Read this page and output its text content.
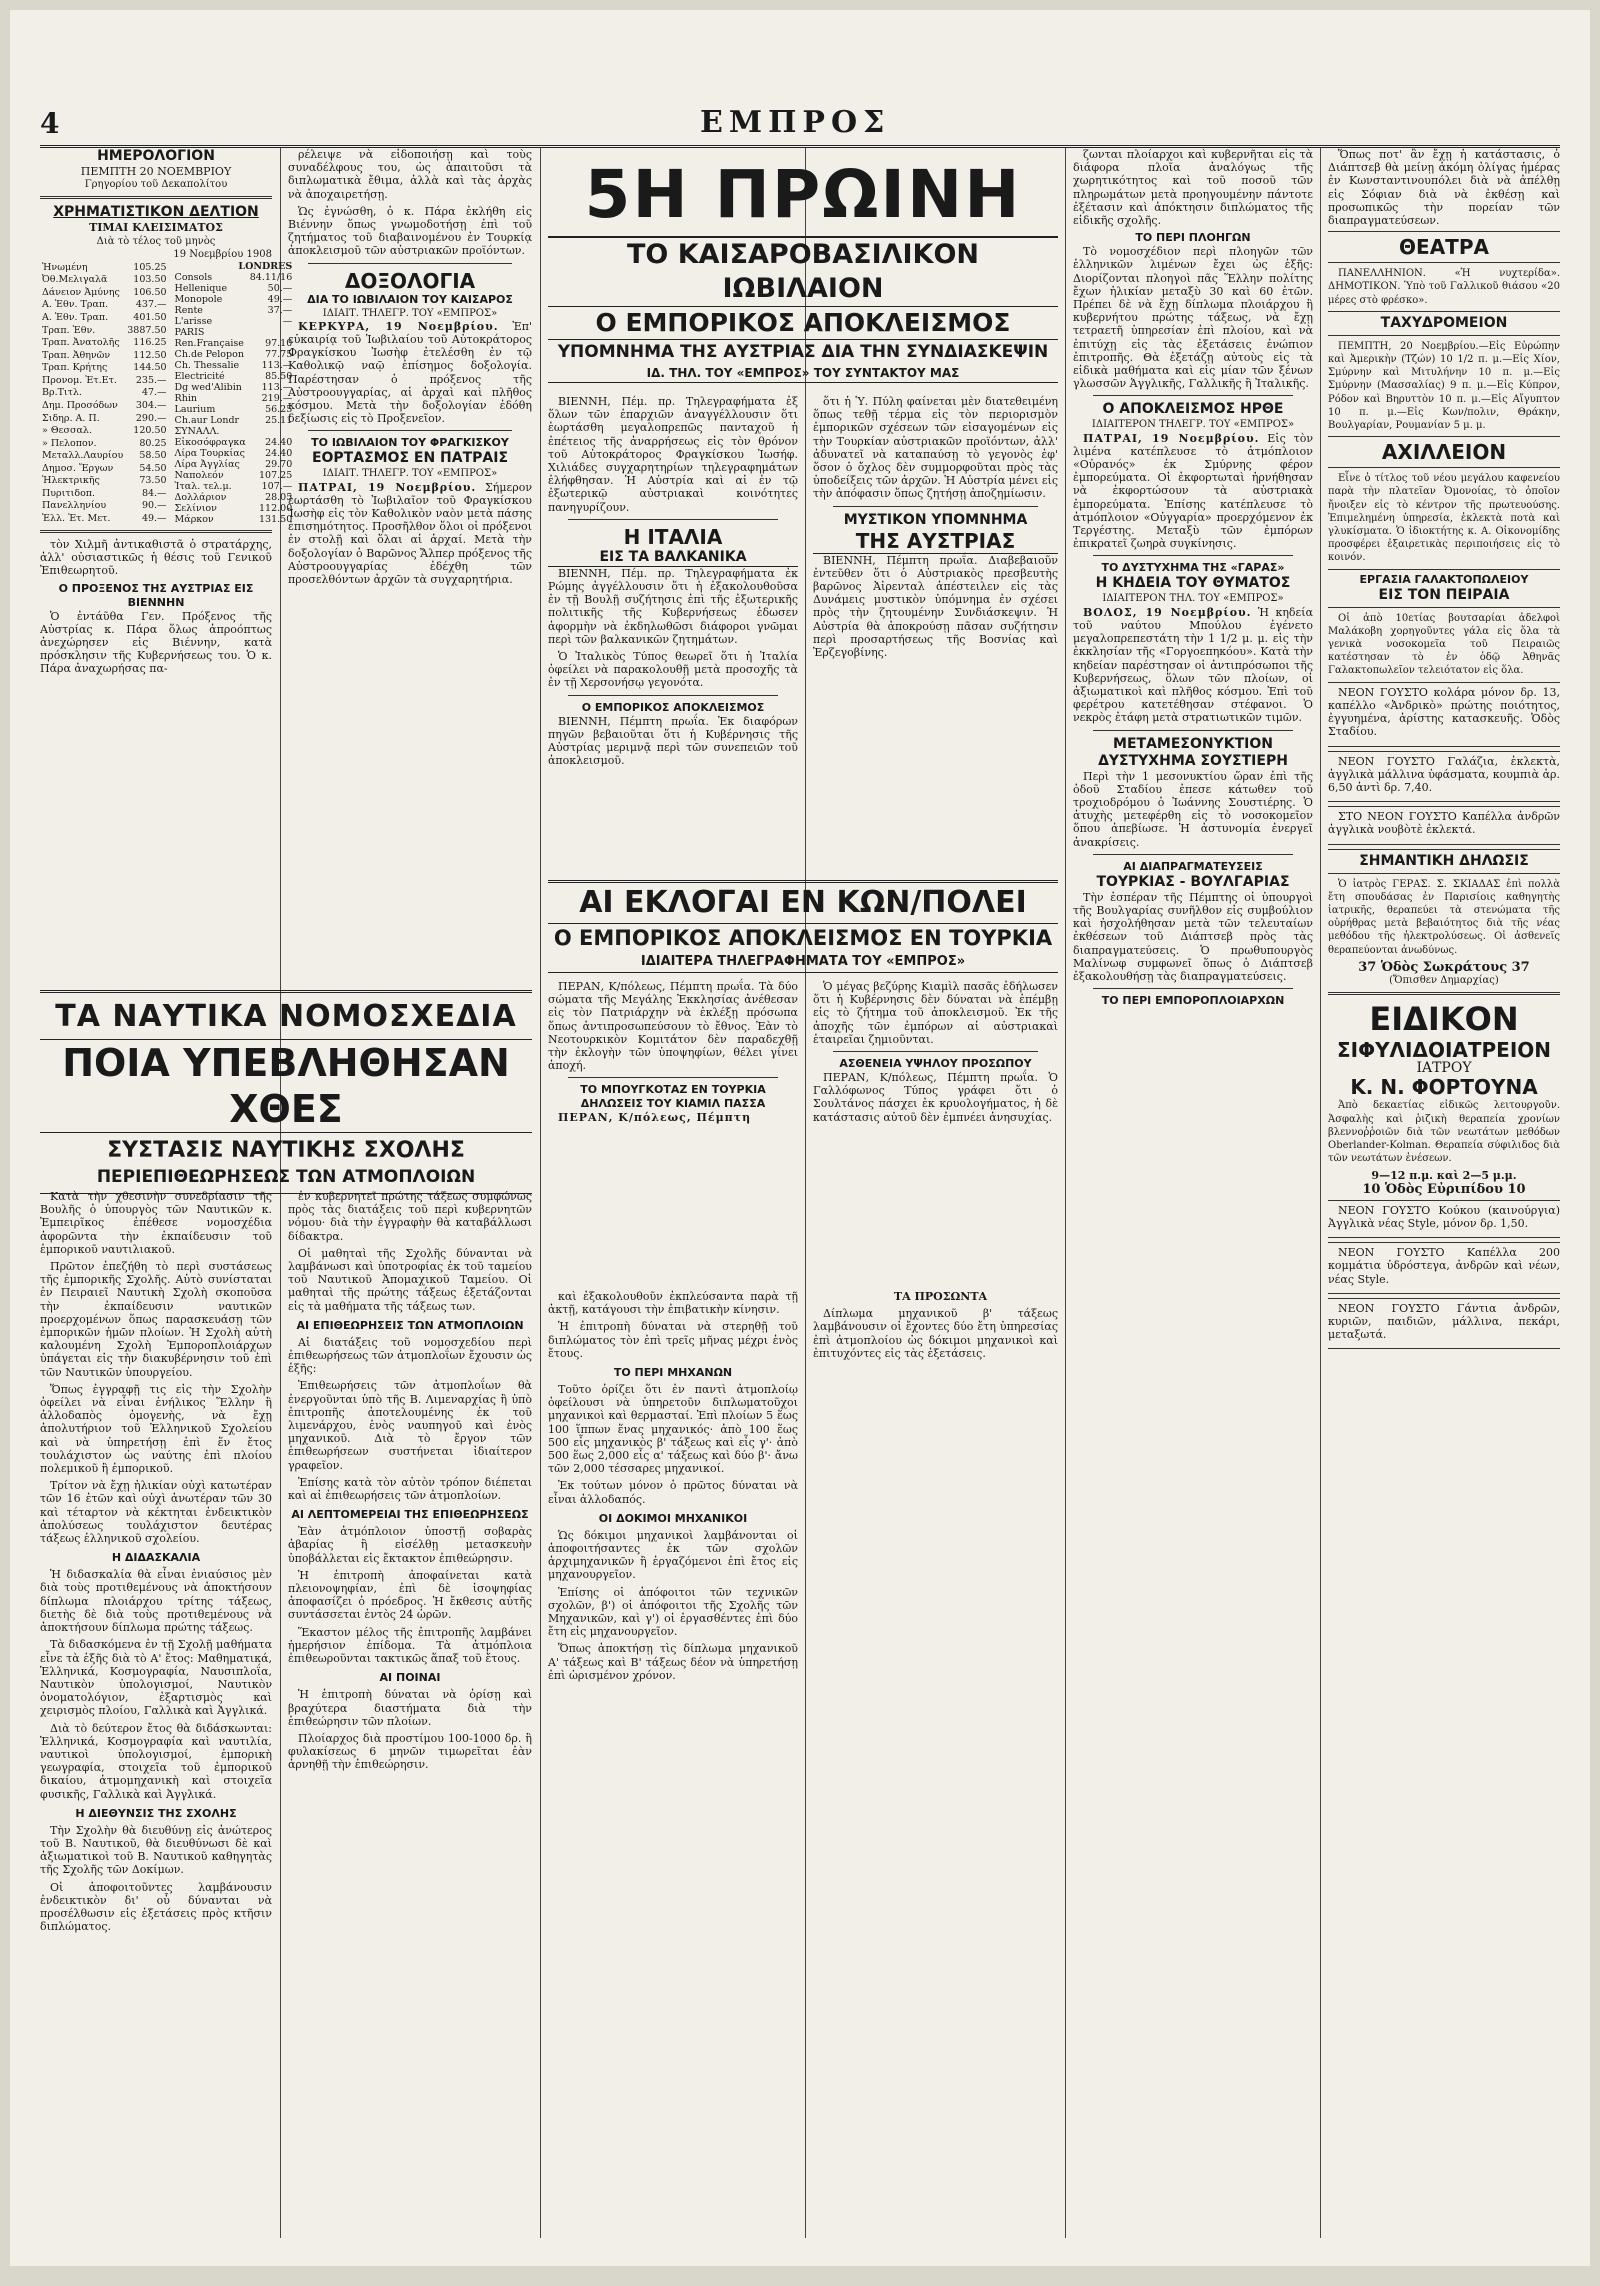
4	ΕΜΠΡΟΣ
ΗΜΕΡΟΛΟΓΙΟΝ
ΠΕΜΠΤΗ 20 ΝΟΕΜΒΡΙΟΥ
Γρηγορίου τοῦ Δεκαπολίτου
ΧΡΗΜΑΤΙΣΤΙΚΟΝ ΔΕΛΤΙΟΝ
ΤΙΜΑΙ ΚΛΕΙΣΙΜΑΤΟΣ
Διὰ τὸ τέλος τοῦ μηνὸς
19 Νοεμβρίου 1908
Ἡνωμένη	105.25
Ὀθ.Μελιγαλᾶ	103.50
Δάνειον Ἀμύνης	106.50
Α. Ἐθν. Τραπ.	437.—
Α. Ἐθν. Τραπ.	401.50
Τραπ. Ἐθν.	3887.50
Τραπ. Ἀνατολῆς	116.25
Τραπ. Ἀθηνῶν	112.50
Τραπ. Κρήτης	144.50
Προνομ. Ἐτ.Ετ.	235.—
Βρ.Τιτλ.	47.—
Δημ. Προσόδων	304.—
Σιδηρ. Α. Π.	290.—
» Θεσσαλ.	120.50
» Πελοπον.	80.25
Μεταλλ.Λαυρίου	58.50
Δημοσ. Ἔργων	54.50
Ἠλεκτρικῆς	73.50
Πυριτιδοπ.	84.—
Πανελληνίου	90.—
Ἑλλ. Ἐτ. Μετ.	49.—
LONDRES	
Consols	84.11/16
Hellenique	50.—
Monopole	49.—
Rente	37.—
L'arisse	—
PARIS	
Ren.Française	97.10
Ch.de Pelopon	77.75
Ch. Thessalie	113.—
Electricité	85.50
Dg wed'Alibin	113.—
Rhin	219.—
Laurium	56.25
Ch.aur Londr	25.11
ΣΥΝΑΛΛ.	
Εἰκοσόφραγκα	24.40
Λίρα Τουρκίας	24.40
Λίρα Ἀγγλίας	29.70
Ναπολεόν	107.25
Ἰταλ. τελ.μ.	107.—
Δολλάριον	28.05
Σελίνιον	112.00
Μάρκον	131.50

τὸν Χιλμῆ ἀντικαθιστᾶ ὁ στρατάρχης, ἀλλ' οὐσιαστικῶς ἡ θέσις τοῦ Γενικοῦ Ἐπιθεωρητοῦ.

Ο ΠΡΟΞΕΝΟΣ ΤΗΣ ΑΥΣΤΡΙΑΣ ΕΙΣ ΒΙΕΝΝΗΝ

Ὁ ἐντάῦθα Γεν. Πρόξενος τῆς Αὐστρίας κ. Πάρα ὅλως ἀπροόπτως ἀνεχώρησεν εἰς Βιέννην, κατὰ πρόσκλησιν τῆς Κυβερνήσεως του. Ὁ κ. Πάρα ἀναχωρήσας πα-

ρέλειψε νὰ εἰδοποιήσῃ καὶ τοὺς συναδέλφους του, ὡς ἀπαιτοῦσι τὰ διπλωματικὰ ἔθιμα, ἀλλὰ καὶ τὰς ἀρχὰς νὰ ἀποχαιρετήσῃ.

Ὡς ἐγνώσθη, ὁ κ. Πάρα ἐκλήθη εἰς Βιέννην ὅπως γνωμοδοτήσῃ ἐπὶ τοῦ ζητήματος τοῦ διαβαινομένου ἐν Τουρκίᾳ ἀποκλεισμοῦ τῶν αὐστριακῶν προϊόντων.

ΔΟΞΟΛΟΓΙΑ
ΔΙΑ ΤΟ ΙΩΒΙΛΑΙΟΝ ΤΟΥ ΚΑΙΣΑΡΟΣ
ΙΔΙΑΙΤ. ΤΗΛΕΓΡ. ΤΟΥ «ΕΜΠΡΟΣ»

ΚΕΡΚΥΡΑ, 19 Νοεμβρίου. Ἐπ' εὐκαιρίᾳ τοῦ Ἰωβιλαίου τοῦ Αὐτοκράτορος Φραγκίσκου Ἰωσὴφ ἐτελέσθη ἐν τῷ Καθολικῷ ναῷ ἐπίσημος δοξολογία. Παρέστησαν ὁ πρόξενος τῆς Αὐστροουγγαρίας, αἱ ἀρχαὶ καὶ πλῆθος κόσμου. Μετὰ τὴν δοξολογίαν ἐδόθη δεξίωσις εἰς τὸ Προξενεῖον.

ΤΟ ΙΩΒΙΛΑΙΟΝ ΤΟΥ ΦΡΑΓΚΙΣΚΟΥ
ΕΟΡΤΑΣΜΟΣ ΕΝ ΠΑΤΡΑΙΣ
ΙΔΙΑΙΤ. ΤΗΛΕΓΡ. ΤΟΥ «ΕΜΠΡΟΣ»

ΠΑΤΡΑΙ, 19 Νοεμβρίου. Σήμερον ἑωρτάσθη τὸ Ἰωβιλαῖον τοῦ Φραγκίσκου Ἰωσὴφ εἰς τὸν Καθολικὸν ναὸν μετὰ πάσης ἐπισημότητος. Προσῆλθον ὅλοι οἱ πρόξενοι ἐν στολῇ καὶ ὅλαι αἱ ἀρχαί. Μετὰ τὴν δοξολογίαν ὁ Βαρῶνος Ἄλπερ πρόξενος τῆς Αὐστροουγγαρίας ἐδέχθη τῶν προσελθόντων ἀρχῶν τὰ συγχαρητήρια.

ΤΑ ΝΑΥΤΙΚΑ ΝΟΜΟΣΧΕΔΙΑ
ΠΟΙΑ ΥΠΕΒΛΗΘΗΣΑΝ ΧΘΕΣ
ΣΥΣΤΑΣΙΣ ΝΑΥΤΙΚΗΣ ΣΧΟΛΗΣ
ΠΕΡΙΕΠΙΘΕΩΡΗΣΕΩΣ ΤΩΝ ΑΤΜΟΠΛΟΙΩΝ

Κατὰ τὴν χθεσινὴν συνεδρίασιν τῆς Βουλῆς ὁ ὑπουργὸς τῶν Ναυτικῶν κ. Ἐμπειρῖκος ἐπέθεσε νομοσχέδια ἀφορῶντα τὴν ἐκπαίδευσιν τοῦ ἐμπορικοῦ ναυτιλιακοῦ.

Πρῶτον ἐπεζήθη τὸ περὶ συστάσεως τῆς ἐμπορικῆς Σχολῆς. Αὐτὸ συνίσταται ἐν Πειραιεῖ Ναυτικὴ Σχολὴ σκοποῦσα τὴν ἐκπαίδευσιν ναυτικῶν προερχομένων ὅπως παρασκευάσῃ τῶν ἐμπορικῶν ἡμῶν πλοίων. Ἡ Σχολὴ αὐτὴ καλουμένη Σχολὴ Ἐμποροπλοιάρχων ὑπάγεται εἰς τὴν διακυβέρνησιν τοῦ ἐπὶ τῶν Ναυτικῶν ὑπουργείου.

Ὅπως ἐγγραφῇ τις εἰς τὴν Σχολὴν ὀφείλει νὰ εἶναι ἐνήλικος Ἕλλην ἢ ἀλλοδαπὸς ὁμογενὴς, νὰ ἔχῃ ἀπολυτήριον τοῦ Ἑλληνικοῦ Σχολείου καὶ νὰ ὑπηρετήσῃ ἐπὶ ἕν ἔτος τουλάχιστον ὡς ναύτης ἐπὶ πλοίου πολεμικοῦ ἢ ἐμπορικοῦ.

Τρίτον νὰ ἔχῃ ἡλικίαν οὐχὶ κατωτέραν τῶν 16 ἐτῶν καὶ οὐχὶ ἀνωτέραν τῶν 30 καὶ τέταρτον νὰ κέκτηται ἐνδεικτικὸν ἀπολύσεως τουλάχιστον δευτέρας τάξεως ἑλληνικοῦ σχολείου.

Η ΔΙΔΑΣΚΑΛΙΑ

Ἡ διδασκαλία θὰ εἶναι ἐνιαύσιος μὲν διὰ τοὺς προτιθεμένους νὰ ἀποκτήσουν δίπλωμα πλοιάρχου τρίτης τάξεως, διετὴς δὲ διὰ τοὺς προτιθεμένους νὰ ἀποκτήσουν δίπλωμα πρώτης τάξεως.

Τὰ διδασκόμενα ἐν τῇ Σχολῇ μαθήματα εἶνε τὰ ἑξῆς διὰ τὸ Α' ἔτος: Μαθηματικά, Ἑλληνικά, Κοσμογραφία, Ναυσιπλοΐα, Ναυτικὸν ὑπολογισμοί, Ναυτικὸν ὀνοματολόγιον, ἐξαρτισμὸς καὶ χειρισμὸς πλοίου, Γαλλικὰ καὶ Ἀγγλικά.

Διὰ τὸ δεύτερον ἔτος θὰ διδάσκωνται: Ἑλληνικά, Κοσμογραφία καὶ ναυτιλία, ναυτικοὶ ὑπολογισμοί, ἐμπορικὴ γεωγραφία, στοιχεῖα τοῦ ἐμπορικοῦ δικαίου, ἀτμομηχανικὴ καὶ στοιχεῖα φυσικῆς, Γαλλικὰ καὶ Ἀγγλικά.

Η ΔΙΕΘΥΝΣΙΣ ΤΗΣ ΣΧΟΛΗΣ

Τὴν Σχολὴν θὰ διευθύνῃ εἰς ἀνώτερος τοῦ Β. Ναυτικοῦ, θὰ διευθύνωσι δὲ καὶ ἀξιωματικοὶ τοῦ Β. Ναυτικοῦ καθηγητὰς τῆς Σχολῆς τῶν Δοκίμων.

Οἱ ἀποφοιτοῦντες λαμβάνουσιν ἐνδεικτικὸν δι' οὗ δύνανται νὰ προσέλθωσιν εἰς ἐξετάσεις πρὸς κτῆσιν διπλώματος.

ἐν κυβερνητεῖ πρώτης τάξεως συμφώνως πρὸς τὰς διατάξεις τοῦ περὶ κυβερνητῶν νόμου· διὰ τὴν ἐγγραφὴν θὰ καταβάλλωσι δίδακτρα.

Οἱ μαθηταὶ τῆς Σχολῆς δύνανται νὰ λαμβάνωσι καὶ ὑποτροφίας ἐκ τοῦ ταμείου τοῦ Ναυτικοῦ Ἀπομαχικοῦ Ταμείου. Οἱ μαθηταὶ τῆς πρώτης τάξεως ἐξετάζονται εἰς τὰ μαθήματα τῆς τάξεως των.

ΑΙ ΕΠΙΘΕΩΡΗΣΕΙΣ ΤΩΝ ΑΤΜΟΠΛΟΙΩΝ

Αἱ διατάξεις τοῦ νομοσχεδίου περὶ ἐπιθεωρήσεως τῶν ἀτμοπλοΐων ἔχουσιν ὡς ἑξῆς:

Ἐπιθεωρήσεις τῶν ἀτμοπλοΐων θὰ ἐνεργοῦνται ὑπὸ τῆς Β. Λιμεναρχίας ἢ ὑπὸ ἐπιτροπῆς ἀποτελουμένης ἐκ τοῦ λιμενάρχου, ἑνὸς ναυπηγοῦ καὶ ἑνὸς μηχανικοῦ. Διὰ τὸ ἔργον τῶν ἐπιθεωρήσεων συστήνεται ἰδιαίτερον γραφεῖον.

Ἐπίσης κατὰ τὸν αὐτὸν τρόπον διέπεται καὶ αἱ ἐπιθεωρήσεις τῶν ἀτμοπλοίων.

ΑΙ ΛΕΠΤΟΜΕΡΕΙΑΙ ΤΗΣ ΕΠΙΘΕΩΡΗΣΕΩΣ

Ἐὰν ἀτμόπλοιον ὑποστῇ σοβαρὰς ἀβαρίας ἢ εἰσέλθῃ μετασκευὴν ὑποβάλλεται εἰς ἔκτακτον ἐπιθεώρησιν.

Ἡ ἐπιτροπὴ ἀποφαίνεται κατὰ πλειονοψηφίαν, ἐπὶ δὲ ἰσοψηφίας ἀποφασίζει ὁ πρόεδρος. Ἡ ἔκθεσις αὐτῆς συντάσσεται ἐντὸς 24 ὡρῶν.

Ἕκαστον μέλος τῆς ἐπιτροπῆς λαμβάνει ἡμερήσιον ἐπίδομα. Τὰ ἀτμόπλοια ἐπιθεωροῦνται τακτικῶς ἅπαξ τοῦ ἔτους.

ΑΙ ΠΟΙΝΑΙ

Ἡ ἐπιτροπὴ δύναται νὰ ὁρίσῃ καὶ βραχύτερα διαστήματα διὰ τὴν ἐπιθεώρησιν τῶν πλοίων.

Πλοίαρχος διὰ προστίμου 100-1000 δρ. ἢ φυλακίσεως 6 μηνῶν τιμωρεῖται ἐὰν ἀρνηθῇ τὴν ἐπιθεώρησιν.

5Η ΠΡΩΙΝΗ
ΤΟ ΚΑΙΣΑΡΟΒΑΣΙΛΙΚΟΝ ΙΩΒΙΛΑΙΟΝ
Ο ΕΜΠΟΡΙΚΟΣ ΑΠΟΚΛΕΙΣΜΟΣ
ΥΠΟΜΝΗΜΑ ΤΗΣ ΑΥΣΤΡΙΑΣ ΔΙΑ ΤΗΝ ΣΥΝΔΙΑΣΚΕΨΙΝ
ΙΔ. ΤΗΛ. ΤΟΥ «ΕΜΠΡΟΣ» ΤΟΥ ΣΥΝΤΑΚΤΟΥ ΜΑΣ

ΒΙΕΝΝΗ, Πέμ. πρ. Τηλεγραφήματα ἐξ ὅλων τῶν ἐπαρχιῶν ἀναγγέλλουσιν ὅτι ἑωρτάσθη μεγαλοπρεπῶς πανταχοῦ ἡ ἐπέτειος τῆς ἀναρρήσεως εἰς τὸν θρόνον τοῦ Αὐτοκράτορος Φραγκίσκου Ἰωσήφ. Χιλιάδες συγχαρητηρίων τηλεγραφημάτων ἐλήφθησαν. Ἡ Αὐστρία καὶ αἱ ἐν τῷ ἐξωτερικῷ αὐστριακαὶ κοινότητες πανηγυρίζουν.

Η ΙΤΑΛΙΑ
ΕΙΣ ΤΑ ΒΑΛΚΑΝΙΚΑ

ΒΙΕΝΝΗ, Πέμ. πρ. Τηλεγραφήματα ἐκ Ρώμης ἀγγέλλουσιν ὅτι ἡ ἐξακολουθοῦσα ἐν τῇ Βουλῇ συζήτησις ἐπὶ τῆς ἐξωτερικῆς πολιτικῆς τῆς Κυβερνήσεως ἐδωσεν ἀφορμὴν νὰ ἐκδηλωθῶσι διάφοροι γνῶμαι περὶ τῶν βαλκανικῶν ζητημάτων.

Ὁ Ἰταλικὸς Τύπος θεωρεῖ ὅτι ἡ Ἰταλία ὀφείλει νὰ παρακολουθῇ μετὰ προσοχῆς τὰ ἐν τῇ Χερσονήσῳ γεγονότα.

Ο ΕΜΠΟΡΙΚΟΣ ΑΠΟΚΛΕΙΣΜΟΣ

ΒΙΕΝΝΗ, Πέμπτη πρωΐα. Ἐκ διαφόρων πηγῶν βεβαιοῦται ὅτι ἡ Κυβέρνησις τῆς Αὐστρίας μεριμνᾷ περὶ τῶν συνεπειῶν τοῦ ἀποκλεισμοῦ.

ὅτι ἡ Ὑ. Πύλη φαίνεται μὲν διατεθειμένη ὅπως τεθῇ τέρμα εἰς τὸν περιορισμὸν ἐμπορικῶν σχέσεων τῶν εἰσαγομένων εἰς τὴν Τουρκίαν αὐστριακῶν προϊόντων, ἀλλ' ἀδυνατεῖ νὰ καταπαύσῃ τὸ γεγονὸς ἐφ' ὅσον ὁ ὄχλος δὲν συμμορφοῦται πρὸς τὰς ὑποδείξεις τῶν ἀρχῶν. Ἡ Αὐστρία μένει εἰς τὴν ἀπόφασιν ὅπως ζητήσῃ ἀποζημίωσιν.

ΜΥΣΤΙΚΟΝ ΥΠΟΜΝΗΜΑ
ΤΗΣ ΑΥΣΤΡΙΑΣ

ΒΙΕΝΝΗ, Πέμπτη πρωΐα. Διαβεβαιοῦν ἐντεῦθεν ὅτι ὁ Αὐστριακὸς πρεσβευτὴς βαρῶνος Ἀἰρενταλ ἀπέστειλεν εἰς τὰς Δυνάμεις μυστικὸν ὑπόμνημα ἐν σχέσει πρὸς τὴν ζητουμένην Συνδιάσκεψιν. Ἡ Αὐστρία θὰ ἀποκρούσῃ πᾶσαν συζήτησιν περὶ προσαρτήσεως τῆς Βοσνίας καὶ Ἐρζεγοβίνης.

ΑΙ ΕΚΛΟΓΑΙ ΕΝ ΚΩΝ/ΠΟΛΕΙ
Ο ΕΜΠΟΡΙΚΟΣ ΑΠΟΚΛΕΙΣΜΟΣ ΕΝ ΤΟΥΡΚΙΑ
ΙΔΙΑΙΤΕΡΑ ΤΗΛΕΓΡΑΦΗΜΑΤΑ ΤΟΥ «ΕΜΠΡΟΣ»

ΠΕΡΑΝ, Κ/πόλεως, Πέμπτη πρωΐα. Τὰ δύο σώματα τῆς Μεγάλης Ἐκκλησίας ἀνέθεσαν εἰς τὸν Πατριάρχην νὰ ἐκλέξῃ πρόσωπα ὅπως ἀντιπροσωπεύσουν τὸ ἔθνος. Ἐὰν τὸ Νεοτουρκικὸν Κομιτάτον δὲν παραδεχθῇ τὴν ἐκλογὴν τῶν ὑποψηφίων, θέλει γίνει ἀποχή.

ΤΟ ΜΠΟΥΓΚΟΤΑΖ ΕΝ ΤΟΥΡΚΙΑ
ΔΗΛΩΣΕΙΣ ΤΟΥ ΚΙΑΜΙΛ ΠΑΣΣΑ

ΠΕΡΑΝ, Κ/πόλεως, Πέμπτη

Ὁ μέγας βεζύρης Κιαμὶλ πασᾶς ἐδήλωσεν ὅτι ἡ Κυβέρνησις δὲν δύναται νὰ ἐπέμβῃ εἰς τὸ ζήτημα τοῦ ἀποκλεισμοῦ. Ἐκ τῆς ἀποχῆς τῶν ἐμπόρων αἱ αὐστριακαὶ ἑταιρεῖαι ζημιοῦνται.

ΑΣΘΕΝΕΙΑ ΥΨΗΛΟΥ ΠΡΟΣΩΠΟΥ

ΠΕΡΑΝ, Κ/πόλεως, Πέμπτη πρωΐα. Ὁ Γαλλόφωνος Τύπος γράφει ὅτι ὁ Σουλτάνος πάσχει ἐκ κρυολογήματος, ἡ δὲ κατάστασις αὐτοῦ δὲν ἐμπνέει ἀνησυχίας.

καὶ ἐξακολουθοῦν ἐκπλεύσαντα παρὰ τῇ ἀκτῇ, κατάγουσι τὴν ἐπιβατικὴν κίνησιν.

Ἡ ἐπιτροπὴ δύναται νὰ στερηθῇ τοῦ διπλώματος τὸν ἐπὶ τρεῖς μῆνας μέχρι ἑνὸς ἔτους.

ΤΟ ΠΕΡΙ ΜΗΧΑΝΩΝ

Τοῦτο ὁρίζει ὅτι ἐν παντὶ ἀτμοπλοίῳ ὀφείλουσι νὰ ὑπηρετοῦν διπλωματοῦχοι μηχανικοὶ καὶ θερμασταί. Ἐπὶ πλοίων 5 ἕως 100 ἵππων ἕνας μηχανικός· ἀπὸ 100 ἕως 500 εἷς μηχανικὸς β' τάξεως καὶ εἷς γ'· ἀπὸ 500 ἕως 2,000 εἷς α' τάξεως καὶ δύο β'· ἄνω τῶν 2,000 τέσσαρες μηχανικοί.

Ἐκ τούτων μόνον ὁ πρῶτος δύναται νὰ εἶναι ἀλλοδαπός.

ΟΙ ΔΟΚΙΜΟΙ ΜΗΧΑΝΙΚΟΙ

Ὡς δόκιμοι μηχανικοὶ λαμβάνονται οἱ ἀποφοιτήσαντες ἐκ τῶν σχολῶν ἀρχιμηχανικῶν ἢ ἐργαζόμενοι ἐπὶ ἔτος εἰς μηχανουργεῖον.

Ἐπίσης οἱ ἀπόφοιτοι τῶν τεχνικῶν σχολῶν, β') οἱ ἀπόφοιτοι τῆς Σχολῆς τῶν Μηχανικῶν, καὶ γ') οἱ ἐργασθέντες ἐπὶ δύο ἔτη εἰς μηχανουργεῖον.

Ὅπως ἀποκτήσῃ τὶς δίπλωμα μηχανικοῦ Α' τάξεως καὶ Β' τάξεως δέον νὰ ὑπηρετήσῃ ἐπὶ ὡρισμένον χρόνον.

ΤΑ ΠΡΟΣΩΝΤΑ

Δίπλωμα μηχανικοῦ β' τάξεως λαμβάνουσιν οἱ ἔχοντες δύο ἔτη ὑπηρεσίας ἐπὶ ἀτμοπλοίου ὡς δόκιμοι μηχανικοὶ καὶ ἐπιτυχόντες εἰς τὰς ἐξετάσεις.

ζωνται πλοίαρχοι καὶ κυβερνῆται εἰς τὰ διάφορα πλοῖα ἀναλόγως τῆς χωρητικότητος καὶ τοῦ ποσοῦ τῶν πληρωμάτων μετὰ προηγουμένην πάντοτε ἐξέτασιν καὶ ἀπόκτησιν διπλώματος τῆς εἰδικῆς σχολῆς.

ΤΟ ΠΕΡΙ ΠΛΟΗΓΩΝ

Τὸ νομοσχέδιον περὶ πλοηγῶν τῶν ἑλληνικῶν λιμένων ἔχει ὡς ἑξῆς: Διορίζονται πλοηγοὶ πᾶς Ἕλλην πολίτης ἔχων ἡλικίαν μεταξὺ 30 καὶ 60 ἐτῶν. Πρέπει δὲ νὰ ἔχῃ δίπλωμα πλοιάρχου ἢ κυβερνήτου πρώτης τάξεως, νὰ ἔχῃ τετραετῆ ὑπηρεσίαν ἐπὶ πλοίου, καὶ νὰ ἐπιτύχῃ εἰς τὰς ἐξετάσεις ἐνώπιον ἐπιτροπῆς. Θὰ ἐξετάζῃ αὐτοὺς εἰς τὰ εἰδικὰ μαθήματα καὶ εἰς μίαν τῶν ξένων γλωσσῶν Ἀγγλικῆς, Γαλλικῆς ἢ Ἰταλικῆς.

Ο ΑΠΟΚΛΕΙΣΜΟΣ ΗΡΘΕ
ΙΔΙΑΙΤΕΡΟΝ ΤΗΛΕΓΡ. ΤΟΥ «ΕΜΠΡΟΣ»

ΠΑΤΡΑΙ, 19 Νοεμβρίου. Εἰς τὸν λιμένα κατέπλευσε τὸ ἀτμόπλοιον «Οὐρανός» ἐκ Σμύρνης φέρον ἐμπορεύματα. Οἱ ἐκφορτωταὶ ἠρνήθησαν νὰ ἐκφορτώσουν τὰ αὐστριακὰ ἐμπορεύματα. Ἐπίσης κατέπλευσε τὸ ἀτμόπλοιον «Οὐγγαρία» προερχόμενον ἐκ Τεργέστης. Μεταξὺ τῶν ἐμπόρων ἐπικρατεῖ ζωηρὰ συγκίνησις.

ΤΟ ΔΥΣΤΥΧΗΜΑ ΤΗΣ «ΓΑΡΑΣ»
Η ΚΗΔΕΙΑ ΤΟΥ ΘΥΜΑΤΟΣ
ΙΔΙΑΙΤΕΡΟΝ ΤΗΛ. ΤΟΥ «ΕΜΠΡΟΣ»

ΒΟΛΟΣ, 19 Νοεμβρίου. Ἡ κηδεία τοῦ ναύτου Μπούλου ἐγένετο μεγαλοπρεπεστάτη τὴν 1 1/2 μ. μ. εἰς τὴν ἐκκλησίαν τῆς «Γοργοεπηκόου». Κατὰ τὴν κηδείαν παρέστησαν οἱ ἀντιπρόσωποι τῆς Κυβερνήσεως, ὅλων τῶν πλοίων, οἱ ἀξιωματικοὶ καὶ πλῆθος κόσμου. Ἐπὶ τοῦ φερέτρου κατετέθησαν στέφανοι. Ὁ νεκρὸς ἐτάφη μετὰ στρατιωτικῶν τιμῶν.

ΜΕΤΑΜΕΣΟΝΥΚΤΙΟΝ
ΔΥΣΤΥΧΗΜΑ ΣΟΥΣΤΙΕΡΗ

Περὶ τὴν 1 μεσονυκτίου ὥραν ἐπὶ τῆς ὁδοῦ Σταδίου ἐπεσε κάτωθεν τοῦ τροχιοδρόμου ὁ Ἰωάννης Σουστιέρης. Ὁ ἀτυχὴς μετεφέρθη εἰς τὸ νοσοκομεῖον ὅπου ἀπεβίωσε. Ἡ ἀστυνομία ἐνεργεῖ ἀνακρίσεις.

ΑΙ ΔΙΑΠΡΑΓΜΑΤΕΥΣΕΙΣ
ΤΟΥΡΚΙΑΣ - ΒΟΥΛΓΑΡΙΑΣ

Τὴν ἑσπέραν τῆς Πέμπτης οἱ ὑπουργοὶ τῆς Βουλγαρίας συνῆλθον εἰς συμβούλιον καὶ ἠσχολήθησαν μετὰ τῶν τελευταίων ἐκθέσεων τοῦ Διάπτσεβ πρὸς τὰς διαπραγματεύσεις. Ὁ πρωθυπουργὸς Μαλίνωφ συμφωνεῖ ὅπως ὁ Διάπτσεβ ἐξακολουθήσῃ τὰς διαπραγματεύσεις.

ΤΟ ΠΕΡΙ ΕΜΠΟΡΟΠΛΟΙΑΡΧΩΝ

Ὅπως ποτ' ἂν ἔχῃ ἡ κατάστασις, ὁ Διάπτσεβ θὰ μείνῃ ἀκόμη ὀλίγας ἡμέρας ἐν Κωνσταντινουπόλει διὰ νὰ ἀπέλθῃ εἰς Σόφιαν διὰ νὰ ἐκθέσῃ καὶ προσωπικῶς τὴν πορείαν τῶν διαπραγματεύσεων.

ΘΕΑΤΡΑ

ΠΑΝΕΛΛΗΝΙΟΝ. «Ἡ νυχτερίδα». ΔΗΜΟΤΙΚΟΝ. Ὑπὸ τοῦ Γαλλικοῦ θιάσου «20 μέρες στὸ φρέσκο».

ΤΑΧΥΔΡΟΜΕΙΟΝ

ΠΕΜΠΤΗ, 20 Νοεμβρίου.—Εἰς Εὐρώπην καὶ Ἀμερικὴν (Τζών) 10 1/2 π. μ.—Εἰς Χίον, Σμύρνην καὶ Μιτυλήνην 10 π. μ.—Εἰς Σμύρνην (Μασσαλίας) 9 π. μ.—Εἰς Κύπρον, Ρόδον καὶ Βηρυττὸν 10 π. μ.—Εἰς Αἴγυπτον 10 π. μ.—Εἰς Κων/πολιν, Θράκην, Βουλγαρίαν, Ρουμανίαν 5 μ. μ.

ΑΧΙΛΛΕΙΟΝ

Εἶνε ὁ τίτλος τοῦ νέου μεγάλου καφενείου παρὰ τὴν πλατεῖαν Ὀμονοίας, τὸ ὁποῖον ἤνοιξεν εἰς τὸ κέντρον τῆς πρωτευούσης. Ἐπιμελημένη ὑπηρεσία, ἐκλεκτὰ ποτὰ καὶ γλυκίσματα. Ὁ ἰδιοκτήτης κ. Α. Οἰκονομίδης προσφέρει ἐξαιρετικὰς περιποιήσεις εἰς τὸ κοινόν.

ΕΡΓΑΣΙΑ ΓΑΛΑΚΤΟΠΩΛΕΙΟΥ
ΕΙΣ ΤΟΝ ΠΕΙΡΑΙΑ

Οἱ ἀπὸ 10ετίας βουτσαρίαι ἀδελφοὶ Μαλάκοβη χορηγοῦντες γάλα εἰς ὅλα τὰ γενικὰ νοσοκομεῖα τοῦ Πειραιῶς κατέστησαν τὸ ἐν ὁδῷ Ἀθηνᾶς Γαλακτοπωλεῖον τελειότατον εἰς ὅλα.

ΝΕΟΝ ΓΟΥΣΤΟ κολάρα μόνον δρ. 13, καπέλλο «Ἀνδρικὸ» πρώτης ποιότητος, ἐγγυημένα, ἀρίστης κατασκευῆς. Ὁδὸς Σταδίου.

ΝΕΟΝ ΓΟΥΣΤΟ Γαλάζια, ἐκλεκτὰ, ἀγγλικὰ μάλλινα ὑφάσματα, κουμπιὰ ἀρ. 6,50 ἀντὶ δρ. 7,40.

ΣΤΟ ΝΕΟΝ ΓΟΥΣΤΟ Καπέλλα ἀνδρῶν ἀγγλικὰ νουβὸτὲ ἐκλεκτά.

ΣΗΜΑΝΤΙΚΗ ΔΗΛΩΣΙΣ

Ὁ ἰατρὸς ΓΕΡΑΣ. Σ. ΣΚΙΑΔΑΣ ἐπὶ πολλὰ ἔτη σπουδάσας ἐν Παρισίοις καθηγητὴς ἰατρικῆς, θεραπεύει τὰ στενώματα τῆς οὐρήθρας μετὰ βεβαιότητος διὰ τῆς νέας μεθόδου τῆς ἠλεκτρολύσεως. Οἱ ἀσθενεῖς θεραπεύονται ἀνωδύνως.

37 Ὁδὸς Σωκράτους 37
(Ὄπισθεν Δημαρχίας)
ΕΙΔΙΚΟΝ
ΣΙΦΥΛΙΔΟΙΑΤΡΕΙΟΝ
ΙΑΤΡΟΥ
Κ. Ν. ΦΟΡΤΟΥΝΑ

Ἀπὸ δεκαετίας εἰδικῶς λειτουργοῦν. Ἀσφαλὴς καὶ ῥιζικὴ θεραπεία χρονίων βλεννοῤῥοιῶν διὰ τῶν νεωτάτων μεθόδων Oberlander-Kolman. Θεραπεία σύφιλιδος διὰ τῶν νεωτάτων ἐνέσεων.

9—12 π.μ. καὶ 2—5 μ.μ.
10 Ὁδὸς Εὐριπίδου 10

ΝΕΟΝ ΓΟΥΣΤΟ Κούκου (καινούργια) Ἀγγλικὰ νέας Style, μόνον δρ. 1,50.

ΝΕΟΝ ΓΟΥΣΤΟ Καπέλλα 200 κομμάτια ὑδρόστεγα, ἀνδρῶν καὶ νέων, νέας Style.

ΝΕΟΝ ΓΟΥΣΤΟ Γάντια ἀνδρῶν, κυριῶν, παιδιῶν, μάλλινα, πεκάρι, μεταξωτά.
